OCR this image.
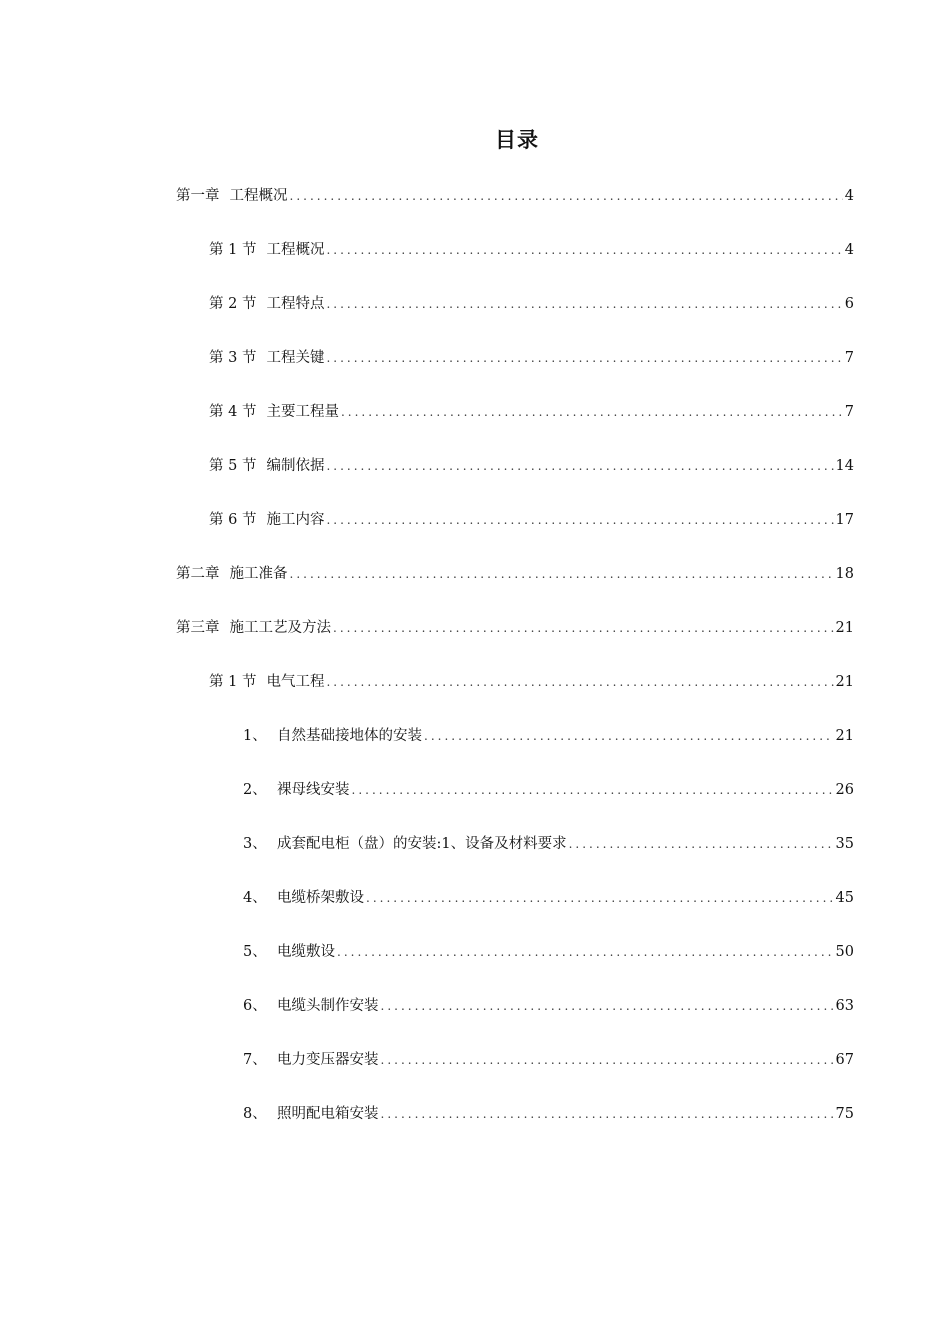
目录
第一章 工程概况 .....	4
第 1 节 工程概况 .....	4
第 2 节 工程特点 .....	6
第 3 节 工程关键 .....	7
第 4 节 主要工程量 .....	7
第 5 节 编制依据 .....	14
第 6 节 施工内容 .....	17
第二章 施工准备 .....	18
第三章 施工工艺及方法 .....	21
第 1 节 电气工程 .....	21
1、 自然基础接地体的安装 .....	21
2、 裸母线安装 .....	26
3、 成套配电柜（盘）的安装:1、设备及材料要求 .....	35
4、 电缆桥架敷设 .....	45
5、 电缆敷设 .....	50
6、 电缆头制作安装 .....	63
7、 电力变压器安装 .....	67
8、 照明配电箱安装 .....	75
